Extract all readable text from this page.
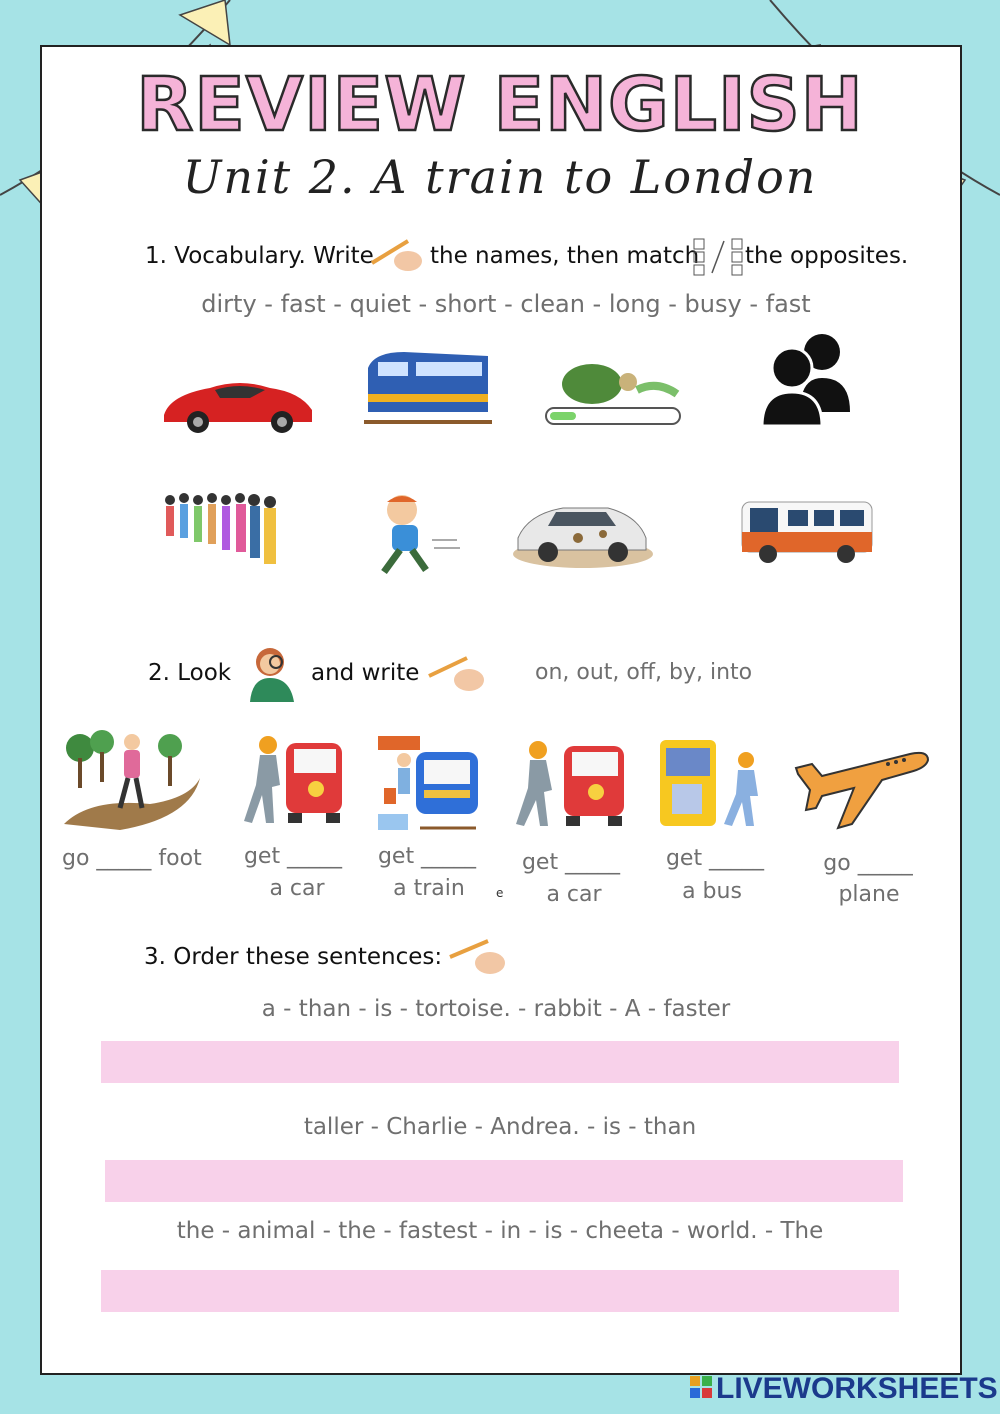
REVIEW ENGLISH
Unit 2. A train to London
1. Vocabulary. Write the names, then match the opposites.
dirty - fast - quiet - short - clean - long - busy - fast
2. Look	and write	on, out, off, by, into
go _____ foot	get _____
a car
get _____
a train	e
get _____
a car
get _____
a bus
go _____
plane
3. Order these sentences:
a - than - is - tortoise. - rabbit - A - faster
taller - Charlie - Andrea. - is - than
the - animal - the - fastest - in - is - cheeta - world. - The
LIVEWORKSHEETS
